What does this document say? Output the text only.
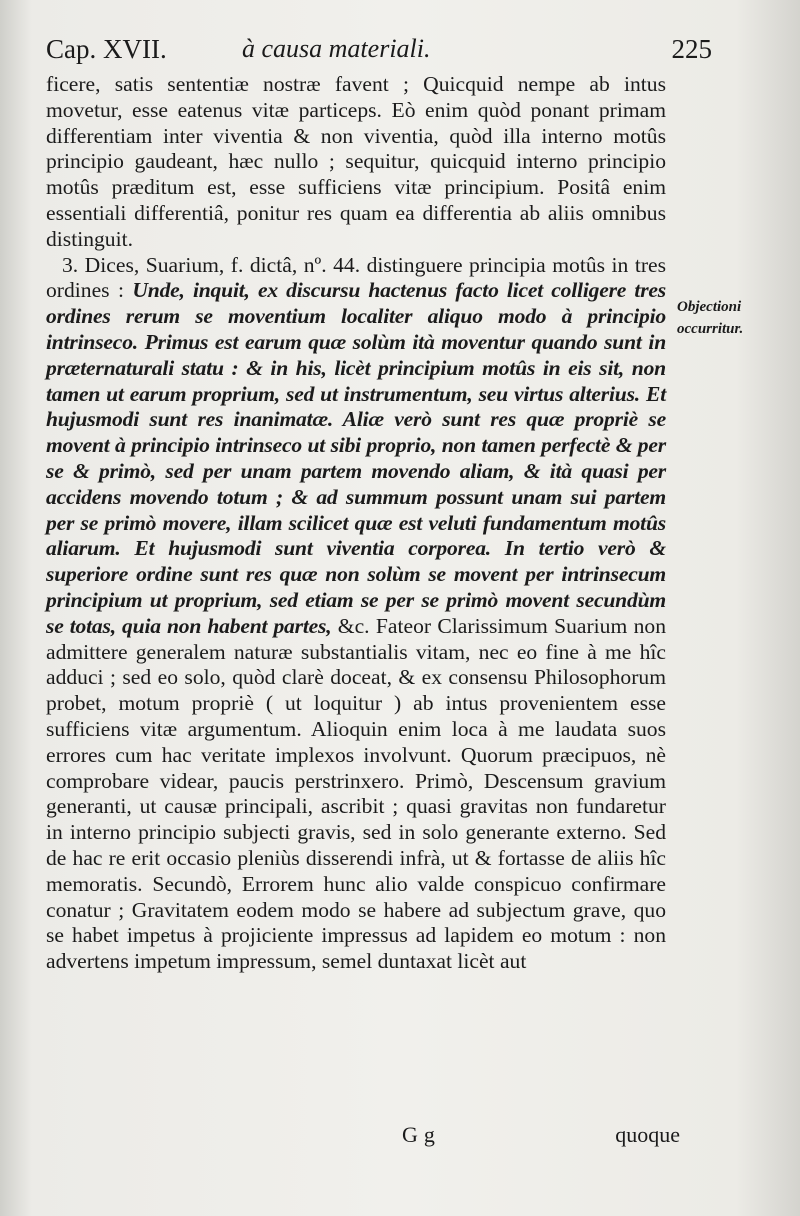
Cap. XVII.	à causa materiali.	225

ficere, satis sententiæ nostræ favent ; Quicquid nempe ab intus movetur, esse eatenus vitæ particeps. Eò enim quòd ponant primam differentiam inter viventia & non viventia, quòd illa interno motûs principio gaudeant, hæc nullo ; sequitur, quicquid interno principio motûs præditum est, esse sufficiens vitæ principium. Positâ enim essentiali differentiâ, ponitur res quam ea differentia ab aliis omnibus distinguit.

3. Dices, Suarium, f. dictâ, nº. 44. distinguere principia motûs in tres ordines : Unde, inquit, ex discursu hactenus facto licet colligere tres ordines rerum se moventium localiter aliquo modo à principio intrinseco. Primus est earum quæ solùm ità moventur quando sunt in præternaturali statu : & in his, licèt principium motûs in eis sit, non tamen ut earum proprium, sed ut instrumentum, seu virtus alterius. Et hujusmodi sunt res inanimatæ. Aliæ verò sunt res quæ propriè se movent à principio intrinseco ut sibi proprio, non tamen perfectè & per se & primò, sed per unam partem movendo aliam, & ità quasi per accidens movendo totum ; & ad summum possunt unam sui partem per se primò movere, illam scilicet quæ est veluti fundamentum motûs aliarum. Et hujusmodi sunt viventia corporea. In tertio verò & superiore ordine sunt res quæ non solùm se movent per intrinsecum principium ut proprium, sed etiam se per se primò movent secundùm se totas, quia non habent partes, &c. Fateor Clarissimum Suarium non admittere generalem naturæ substantialis vitam, nec eo fine à me hîc adduci ; sed eo solo, quòd clarè doceat, & ex consensu Philosophorum probet, motum propriè ( ut loquitur ) ab intus provenientem esse sufficiens vitæ argumentum. Alioquin enim loca à me laudata suos errores cum hac veritate implexos involvunt. Quorum præcipuos, nè comprobare videar, paucis perstrinxero. Primò, Descensum gravium generanti, ut causæ principali, ascribit ; quasi gravitas non fundaretur in interno principio subjecti gravis, sed in solo generante externo. Sed de hac re erit occasio pleniùs disserendi infrà, ut & fortasse de aliis hîc memoratis. Secundò, Errorem hunc alio valde conspicuo confirmare conatur ; Gravitatem eodem modo se habere ad subjectum grave, quo se habet impetus à projiciente impressus ad lapidem eo motum : non advertens impetum impressum, semel duntaxat licèt aut

Objectioni
occurritur.
Gg	quoque
